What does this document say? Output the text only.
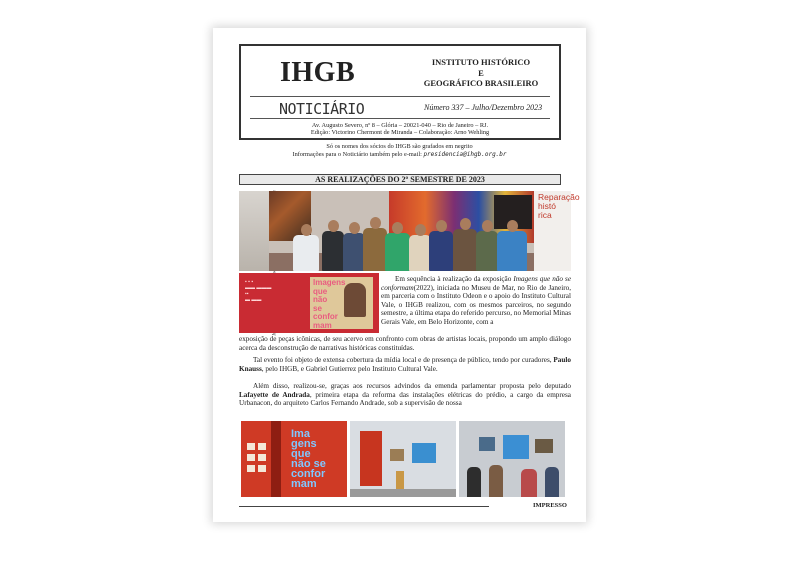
IHGB	INSTITUTO HISTÓRICO
E
GEOGRÁFICO BRASILEIRO
NOTICIÁRIO	Número 337 – Julho/Dezembro 2023
Av. Augusto Severo, nº 8 – Glória – 20021-040 – Rio de Janeiro – RJ.
Edição: Victorino Chermont de Miranda – Colaboração: Arno Wehling
Só os nomes dos sócios do IHGB são grafados em negrito
Informações para o Noticiário também pelo e-mail: presidencia@ihgb.org.br
AS REALIZAÇÕES DO 2º SEMESTRE DE 2023
Reparação
histó
rica
▪ ▪ ▪
▬▬ ▬▬▬
▪▪
▬ ▬▬
Imagens
que
não
se
confor
mam

Em sequência à realização da exposição Imagens que não se conformam(2022), iniciada no Museu de Mar, no Rio de Janeiro, em parceria com o Instituto Odeon e o apoio do Instituto Cultural Vale, o IHGB realizou, com os mesmos parceiros, no segundo semestre, a última etapa do referido percurso, no Memorial Minas Gerais Vale, em Belo Horizonte, com a

exposição de peças icônicas, de seu acervo em confronto com obras de artistas locais, propondo um amplo diálogo acerca da desconstrução de narrativas históricas constituídas.

Tal evento foi objeto de extensa cobertura da mídia local e de presença de público, tendo por curadores, Paulo Knauss, pelo IHGB, e Gabriel Gutierrez pelo Instituto Cultural Vale.

Além disso, realizou-se, graças aos recursos advindos da emenda parlamentar proposta pelo deputado Lafayette de Andrada, primeira etapa da reforma das instalações elétricas do prédio, a cargo da empresa Urbanacon, do arquiteto Carlos Fernando Andrade, sob a supervisão de nossa

Ima
gens
que
não se
confor
mam
IMPRESSO
